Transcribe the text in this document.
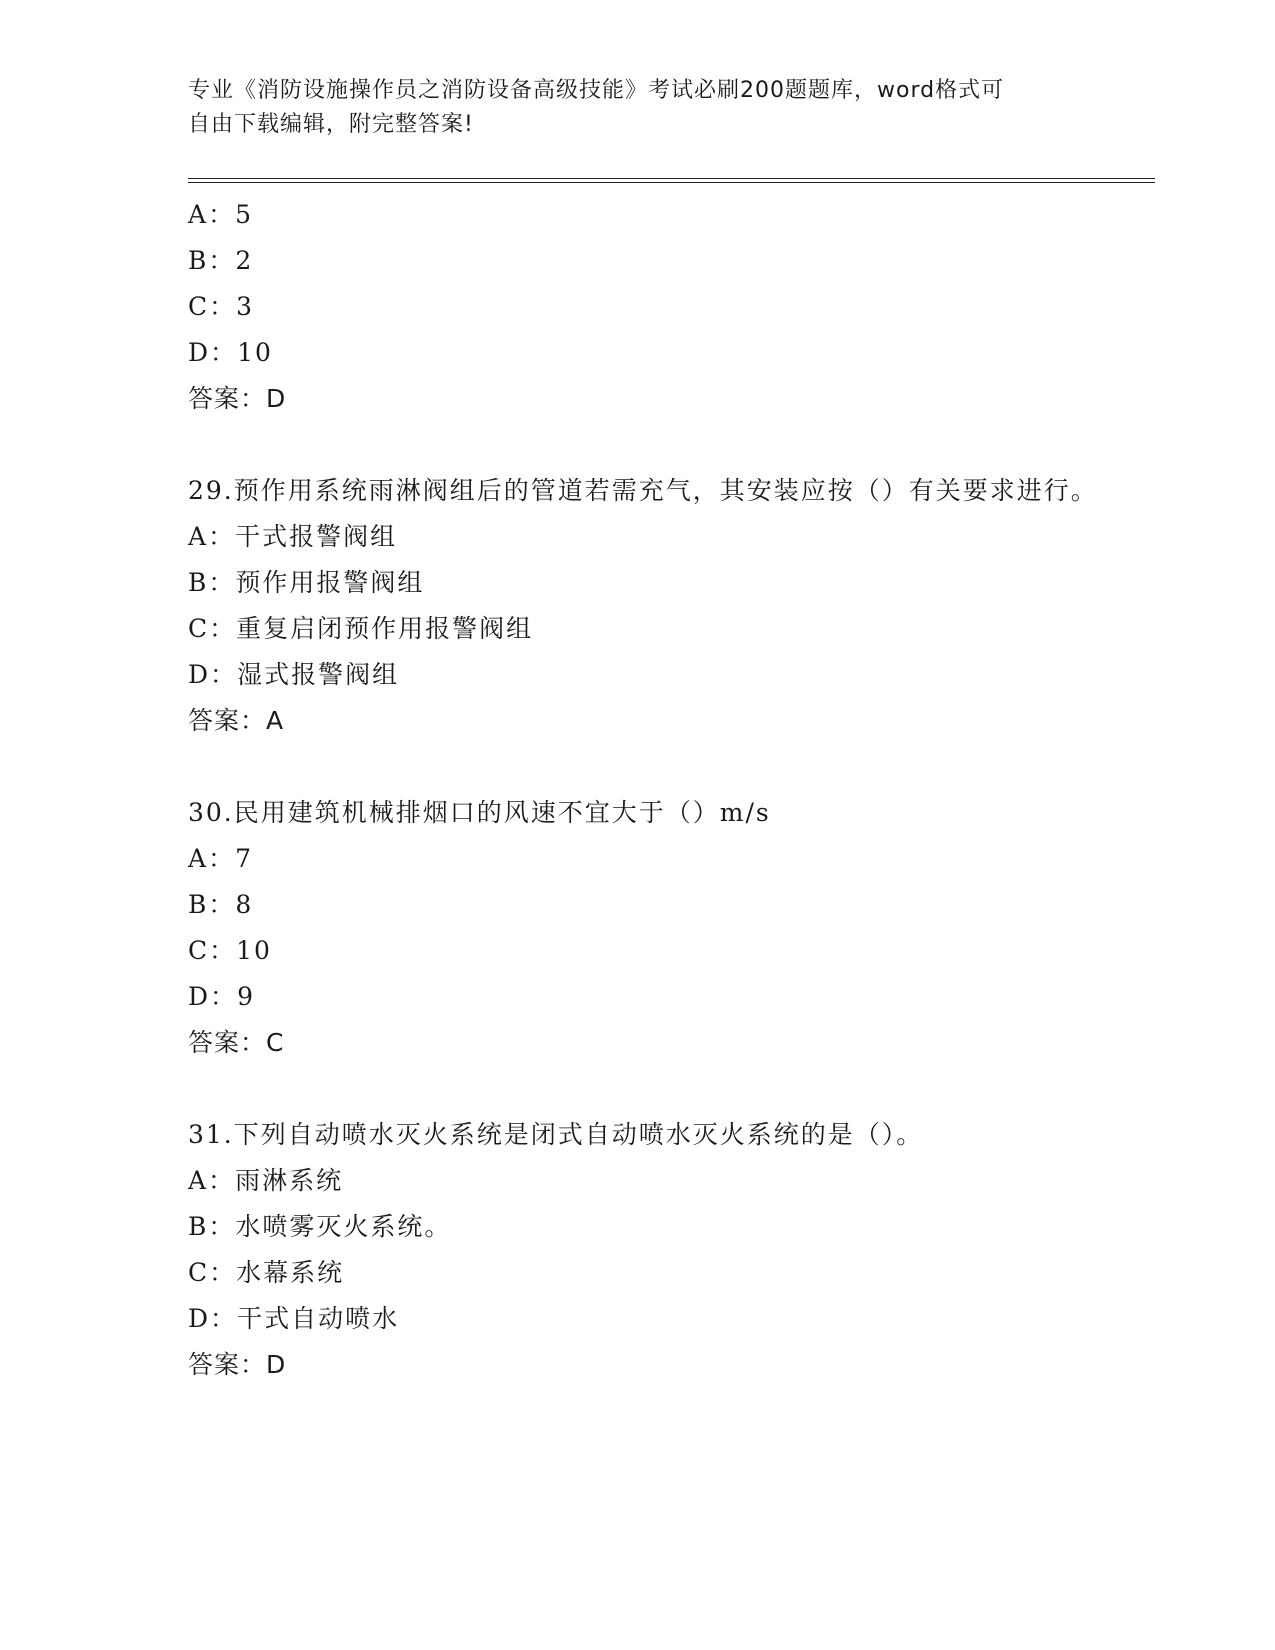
专业《消防设施操作员之消防设备高级技能》考试必刷200题题库，word格式可
自由下载编辑，附完整答案!
A：5
B：2
C：3
D：10
答案：D
29.预作用系统雨淋阀组后的管道若需充气，其安装应按（）有关要求进行。
A：干式报警阀组
B：预作用报警阀组
C：重复启闭预作用报警阀组
D：湿式报警阀组
答案：A
30.民用建筑机械排烟口的风速不宜大于（）m/s
A：7
B：8
C：10
D：9
答案：C
31.下列自动喷水灭火系统是闭式自动喷水灭火系统的是（）。
A：雨淋系统
B：水喷雾灭火系统。
C：水幕系统
D：干式自动喷水
答案：D
